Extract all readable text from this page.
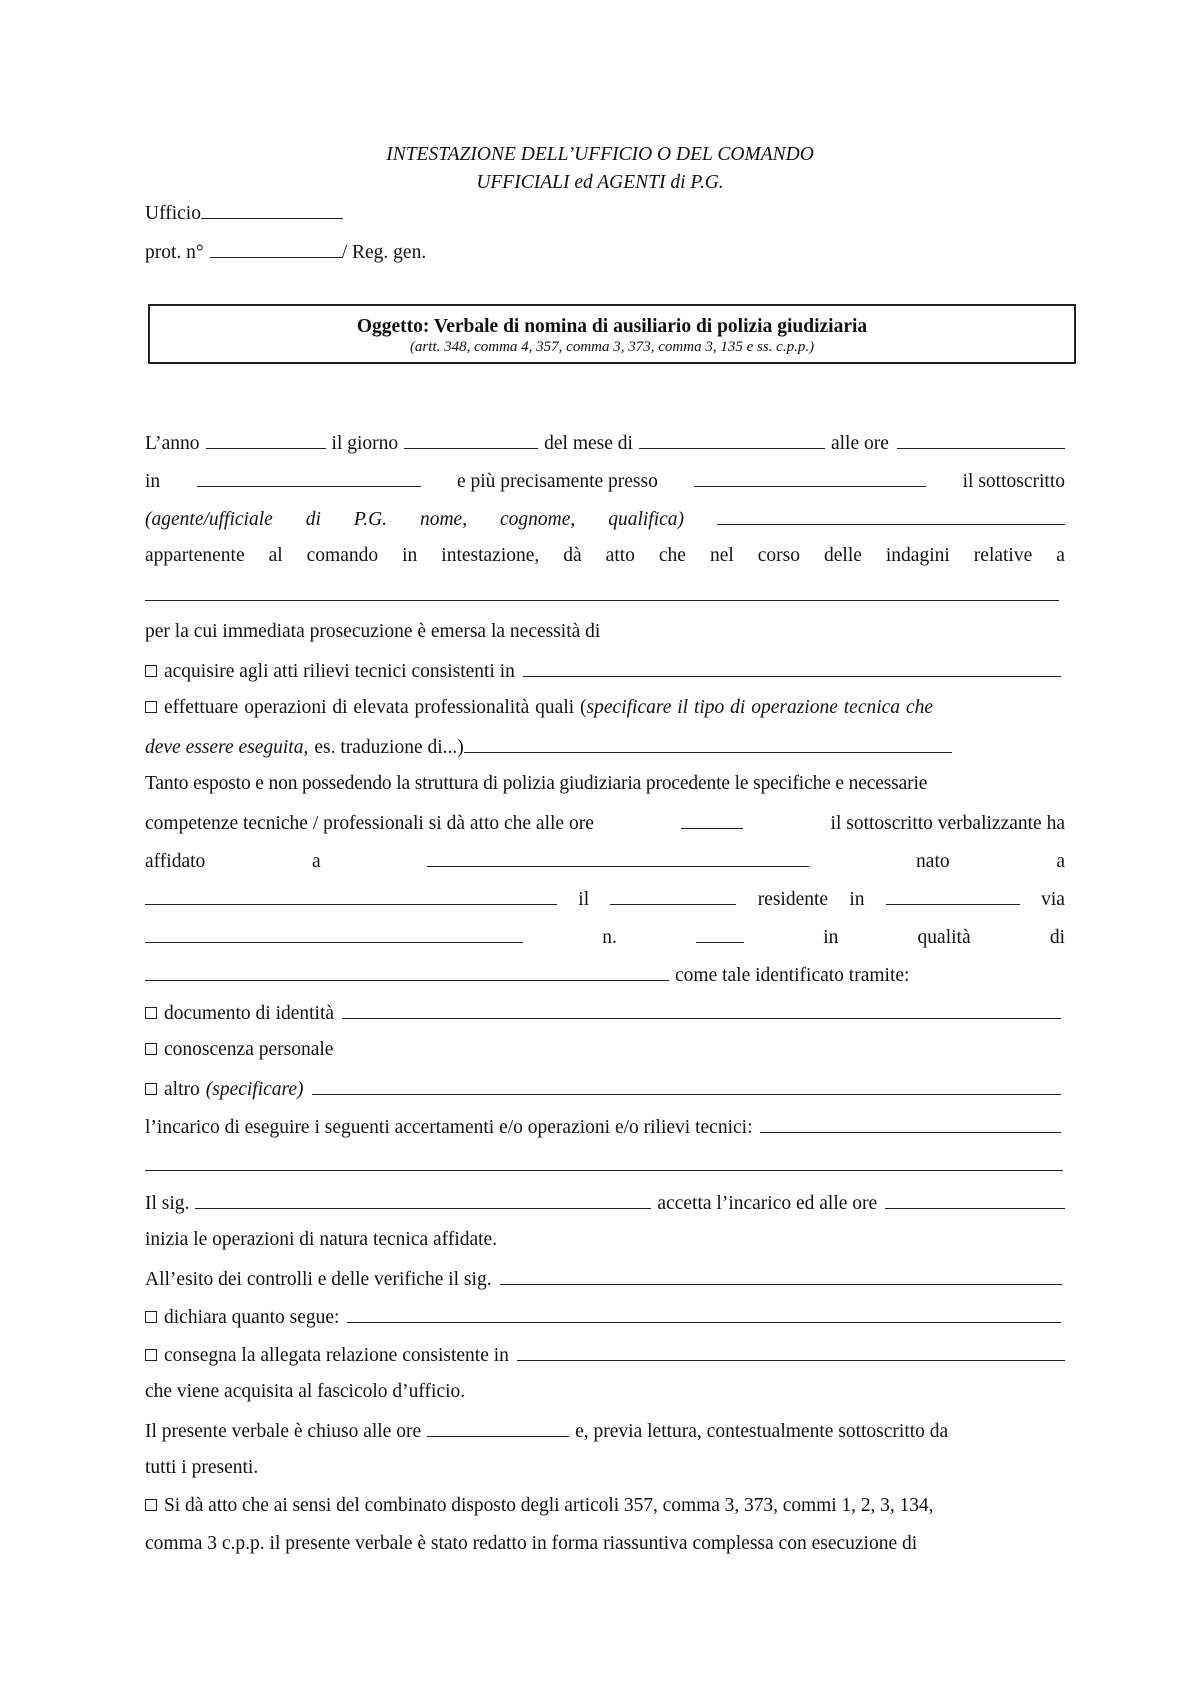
INTESTAZIONE DELL’UFFICIO O DEL COMANDO
UFFICIALI ed AGENTI di P.G.
Ufficio
prot. n°	/ Reg. gen.
Oggetto: Verbale di nomina di ausiliario di polizia giudiziaria
(artt. 348, comma 4, 357, comma 3, 373, comma 3, 135 e ss. c.p.p.)
L’anno	il giorno	del mese di	alle ore
in	e più precisamente presso	il sottoscritto
(agente/ufficiale di P.G. nome, cognome, qualifica)
appartenente al comando in intestazione, dà atto che nel corso delle indagini relative a
per la cui immediata prosecuzione è emersa la necessità di
acquisire agli atti rilievi tecnici consistenti in
effettuare operazioni di elevata professionalità quali ( specificare il tipo di operazione tecnica che
deve essere eseguita, es. traduzione di...)
Tanto esposto e non possedendo la struttura di polizia giudiziaria procedente le specifiche e necessarie
competenze tecniche / professionali si dà atto che alle ore	il sottoscritto verbalizzante ha
affidato	a	nato	a
il	residente in	via
n.	in	qualità	di
come tale identificato tramite:
documento di identità
conoscenza personale
altro (specificare)
l’incarico di eseguire i seguenti accertamenti e/o operazioni e/o rilievi tecnici:
Il sig.	accetta l’incarico ed alle ore
inizia le operazioni di natura tecnica affidate.
All’esito dei controlli e delle verifiche il sig.
dichiara quanto segue:
consegna la allegata relazione consistente in
che viene acquisita al fascicolo d’ufficio.
Il presente verbale è chiuso alle ore	e, previa lettura, contestualmente sottoscritto da
tutti i presenti.
Si dà atto che ai sensi del combinato disposto degli articoli 357, comma 3, 373, commi 1, 2, 3, 134,
comma 3 c.p.p. il presente verbale è stato redatto in forma riassuntiva complessa con esecuzione di
